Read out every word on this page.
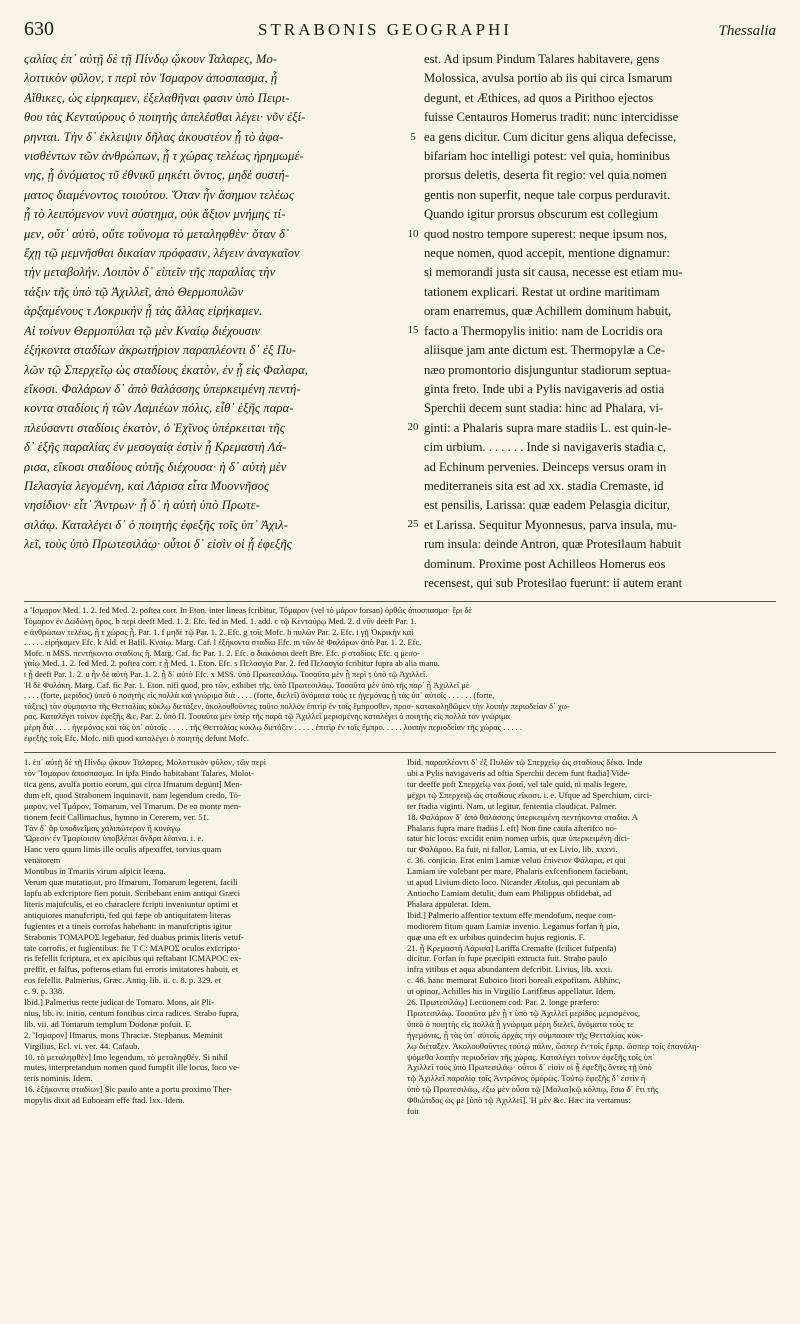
630	STRABONIS GEOGRAPHI	Thessalia
ϛαλίας ἐπ᾽ αὐτῇ δὲ τῇ Πίνδῳ ᾤκουν Ταλαρες, Μο-
λοττικὸν φῦλον, τ περὶ τὸν Ἰσμαρον ἀποσπασμα, ᾗ
Αἴθικες, ὡς εἰρηκαμεν, ἐξελαθῆναι φασιν ὑπὸ Πειρι-
θου τὰς Κενταύρους ὁ ποιητὴς ἀπελέσθαι λέγει· νῦν ἐξί-
ρηνται. Τὴν δ᾽ ἐκλειψιν δῆλας ἀκουστέον ᾗ τὸ ἀφα-
νισθέντων τῶν ἀνθρώπων, ᾗ τ χώρας τελέως ἠρημωμέ-
νης, ᾗ ὀνόματος τῦ ἐθνικῦ μηκέτι ὄντος, μηδὲ συστή-
ματος διαμένοντος τοιούτου. Ὅταν ἦν ἄσημον τελέως
ᾗ τὸ λειπόμενον νυνὶ σύστημα, οὐκ ἄξιον μνήμης τί-
μεν, οὔτ᾽ αὐτὸ, οὔτε τοὔνομα τὸ μεταληφθὲν· ὅταν δ᾽
ἔχῃ τῷ μεμνῆσθαι δικαίαν πρόφασιν, λέγειν ἀναγκαῖον
τὴν μεταβολήν. Λοιπὸν δ᾽ εἰπεῖν τῆς παραλίας τὴν
τάξιν τῆς ὑπὸ τῷ Ἀχιλλεῖ, ἀπὸ Θερμοπυλῶν
ἀρξαμένους τ Λοκρικὴν ᾗ τὰς ἄλλας εἰρήκαμεν.
Αἱ τοίνυν Θερμοπύλαι τῷ μὲν Κναίῳ διέχουσιν
ἑξήκοντα σταδίων ἀκρωτήριον παραπλέοντι δ᾽ ἐξ Πυ-
λῶν τῷ Σπερχεῖῳ ὡς σταδίους ἑκατὸν, ἐν ᾗ εἰς Φαλαρα,
εἴκοσι. Φαλάρων δ᾽ ἀπὸ θαλάσσης ὑπερκειμένη πεντή-
κοντα σταδίοις ἡ τῶν Λαμιέων πόλις, εἶθ᾽ ἑξῆς παρα-
πλεύσαντι σταδίοις ἑκατὸν, ὁ Ἐχῖνος ὑπέρκειται τῆς
δ᾽ ἑξῆς παραλίας ἐν μεσογαίᾳ ἐστὶν ᾗ Κρεμαστὴ Λά-
ρισα, εἴκοσι σταδίους αὐτῆς διέχουσα· ἡ δ᾽ αὐτὴ μὲν
Πελασγία λεγομένη, καὶ Λάρισα εἶτα Μυοννῆσος
νησίδιον· εἶτ᾽ Ἄντρων· ᾗ δ᾽ ἡ αὐτὴ ὑπὸ Πρωτε-
σιλάῳ. Καταλέγει δ᾽ ὁ ποιητὴς ἐφεξῆς τοῖς ὑπ᾽ Ἀχιλ-
λεῖ, τοὺς ὑπὸ Πρωτεσιλάῳ· οὗτοι δ᾽ εἰσὶν οἱ ᾗ ἐφεξῆς
5
10
15
20
25
est. Ad ipsum Pindum Talares habitavere, gens
Molossica, avulsa portio ab iis qui circa Ismarum
degunt, et Æthices, ad quos a Pirithoo ejectos
fuisse Centauros Homerus tradit: nunc intercidisse
ea gens dicitur. Cum dicitur gens aliqua defecisse,
bifariam hoc intelligi potest: vel quia, hominibus
prorsus deletis, deserta fit regio: vel quia nomen
gentis non superfit, neque tale corpus perduravit.
Quando igitur prorsus obscurum est collegium
quod nostro tempore superest: neque ipsum nos,
neque nomen, quod accepit, mentione dignamur:
si memorandi justa sit causa, necesse est etiam mu-
tationem explicari. Restat ut ordine maritimam
oram enarremus, quæ Achillem dominum habuit,
facto a Thermopylis initio: nam de Locridis ora
aliisque jam ante dictum est. Thermopylæ a Ce-
næo promontorio disjunguntur stadiorum septua-
ginta freto. Inde ubi a Pylis navigaveris ad ostia
Sperchii decem sunt stadia: hinc ad Phalara, vi-
ginti: a Phalaris supra mare stadiis L. est quin-le-
cim urbium. . . . . . . Inde si navigaveris stadia c,
ad Echinum pervenies. Deinceps versus oram in
mediterraneis sita est ad xx. stadia Cremaste, id
est pensilis, Larissa: quæ eadem Pelasgia dicitur,
et Larissa. Sequitur Myonnesus, parva insula, mu-
rum insula: deinde Antron, quæ Protesilaum habuit
dominum. Proxime post Achilleos Homerus eos
recensest, qui sub Protesilao fuerunt: ii autem erant
a Ἴσμαρον Med. 1. 2. fed Med. 2. poftea corr. In Eton. inter lineas fcribitur, Τόμαρον (vel τὸ μάρον forsan) ὀρθῶς ἀποσπασμα· ἔρι δὲ
Τόμαρον ἐν Δωδώνῃ ὄρος. b περὶ deeft Med. 1. 2. Efc. fed in Med. 1. add. c τῷ Κενταύρῳ Med. 2. d νῦν deeft Par. 1.
e ἀνθρώπων τελέως, ᾗ τ χώρας ᾖ. Par. 1. f μηδὲ τῷ Par. 1. 2. Efc. g τοῖς Mofc. h πυλῶν Par. 2. Efc. i γῇ Ὀκρικὴν καὶ
. . . . . εἰρήκαμεν Efc. k Ald. et Bafil. Κναίῳ. Marg. Caf. l ἑξήκοντα σταδίω Efc. m τῶν δὲ Φαλάρων ἀπὸ Par. 1. 2. Efc.
Mofc. n MSS. πεντήκοντα σταδίοις ἢ. Marg. Caf. fic Par. 1. 2. Efc. o διακόσιοι deeft Bre. Efc. p σταδίοις Efc. q μεσο-
γαίῳ Med. 1. 2. fed Med. 2. poftea corr. r ᾗ Med. 1. Eton. Efc. s Πελασγία Par. 2. fed Πελασγία fcribitur fupra ab alia manu.
t ᾗ deeft Par. 1. 2. u ἦν δὲ αὐτὴ Par. 1. 2. ᾖ δ᾽ αὐτὸ Efc. x MSS. ὑπὸ Πρωτεσιλάῳ. Τοσαῦτα μὲν ᾗ περὶ τ ὑπὸ τῷ Ἀχιλλεῖ.
Ἡ δὲ Φυλάκη. Marg. Caf. fic Par. 1. Eton. nifi quod, pro τῶν, exhibet τῆς. ὑπὸ Πρωτεσιλάῳ. Τοσαῦτα μὲν ὑπὸ τῆς παρ᾽ ᾖ Ἀχιλλεῖ μὲ
. . . . (forte, μερίδος) ὑπεὸ ὁ ποιητὴς εἰς πολλὰ καὶ γνώριμα διὰ . . . . (forte, διελεῖ) ὀνόματα τούς τε ἡγεμόνας ᾗ τὰς ὑπ᾽ αὐτοῖς . . . . . . (forte,
τάξεις) τὰν σύμπαντα τῆς Θετταλίας κύκλῳ διετάξεν, ἀκολουθοῦντες τοῦτο πολλὸν ἐπιτὶρ ἐν τοῖς ἔμπροσθεν, προσ- κατακοληθῶμεν τὴν λοιπὴν περιοδείαν δ᾽ χω-
ρας. Καταλέγει τοίνυν ἐφεξῆς &c, Par. 2. ὑπὸ Π. Τοσαῦτα μὲν ὑπὲρ τῆς παρὰ τῷ Ἀχιλλεῖ μερισμένης καταλέγει ὁ ποιητὴς εἰς πολλὰ ταν γνώριμα
μέρη διὰ . . . . ἡγεμόνας καὶ τὰς ὑπ᾽ αὐτοῖς . . . . . τῆς Θετταλίας κύκλῳ διετάξεν . . . . . ἐπιτὶρ ἐν τοῖς ἔμπρο. . . . . λοιπὴν περιοδείαν τῆς χώρας . . . . .
ἐφεξῆς τοῖς Efc. Mofc. nifi quod καταλέγει ὁ ποιητὴς defunt Mofc.
1. ἐπ᾽ αὐτῇ δὲ τῇ Πίνδῳ ᾤκουν Ταλαρες, Μολοττικὸν φῦλον, τῶν περὶ
τὸν Ἴσμαρον ἀποσπασμα. In ipfa Pindo habitabant Talares, Molot-
tica gens, avulfa portio eorum, qui circa Ifmarum degunt] Men-
dum eft, quod Strabonem inquinavit, nam legendum credo, Τό-
μαρον, vel Τμάρον, Tomarum, vel Tmarum. De eo monte men-
tionem fecit Callimachus, hymno in Cererem, ver. 51.
Τὰν δ᾽ ἄρ ὑποδνεῖμας χαλιπώτερον ἢ κυνάγῳ
Ὤρεσιν ἐν Τμαρίοισιν ὑποβλέπει ἄνδρα λέαινα. i. e.
Hanc vero quum limis ille oculis afpexiffet, torvius quam
venatorem
Montibus in Tmariis virum afpicit leæna.
Verum quæ mutatio,ut, pro Ifmarum, Tomarum legerent, facili
lapfu ab exfcriptore fieri potuit. Scribebant enim antiqui Græci
literis majufculis, et eo characlere fcripti inveniuntur optimi et
antiquiores manufcripti, fed qui fæpe ob antiquitatem literas
fugientes et a tineis corrofas habebant: in manufcriptis igitur
Strabonis ΤΟΜΑΡΟΣ legebatur, fed duabus primis literis vetuf-
tate corrofis, et fugientibus: fic Τ C: ΜΑΡΟΣ oculos exfcripto-
ris fefellit fcriptura, et ex apicibus qui reftabant ΙCΜΑΡΟC ex-
preffit, et falfus, pofteros etiam fui erroris imitatores habuit, et
eos fefellit. Palmerius, Græc. Antiq. lib. ii. c. 8. p. 329. et
c. 9. p. 338.
Ibid.] Palmerius recte judicat de Tomaro. Mons, ait Pli-
nius, lib. iv. initio, centum fontibus circa radices. Strabo fupra,
lib. vii. ad Tomarum templum Dodonæ pofuit. F.
2. Ἴσμαρον] Ifmarus, mons Thraciæ. Stephanus. Meminit
Virgilius, Ecl. vi. ver. 44. Cafaub.
10. τὸ μεταληφθὲν] Imo legendum, τὸ μεταληφθέν. Si nihil
mutes, interpretandum nomen quod fumpfit ille locus, loco ve-
teris nominis. Idem.
16. ἑξήκοντα σταδίων] Sic paulo ante a portu proximo Ther-
mopylis dixit ad Euboeam effe ftad. lxx. Idem.
Ibid. παραπλέοντι δ᾽ ἐξ Πυλῶν τῷ Σπερχεῖῳ ὡς σταδίους δέκα. Inde
ubi a Pylis navigaveris ad oftia Sperchii decem funt ftadia] Vide-
tur deeffe poft Σπερχεῖῳ vox ῥοαῖ, vel tale quid, ni malis legere,
μέχρι τῷ Σπερχειῷ ὡς σταδίους εἴκοσι. i. e. Ufque ad Sperchium, circi-
ter ftadia viginti. Nam, ut legitur, fententia claudicat. Palmer.
18. Φαλάρων δ᾽ ἀπὸ θαλάσσης ὑπερκειμένη πεντήκοντα σταδία. A
Phalaris fupra mare ftadiis l. eft] Non fine caufa afterifco no-
tatur hic locus: excidit enim nomen urbis, quæ ὑπερκειμένη dici-
tur Φαλάρου. Ea fuit, ni fallor, Lamia, ut ex Livio, lib. xxxvi.
c. 36. conjicio. Erat enim Lamiæ veluti ἐπίνειον Φάλαρα, et qui
Lamiam ire volebant per mare, Phalaris exfcenfionem faciebant,
ut apud Livium dicto loco. Nicander Ætolus, qui pecuniam ab
Antiocho Lamiam detulit, dum eam Philippus obfidebat, ad
Phalara appulerat. Idem.
Ibid.] Palmerio affentior textum effe mendofum, neque com-
modiorem fitum quam Lamiæ invenio. Legamus forfan ἡ μία,
quæ una eft ex urbibus quindecim hujus regionis. F.
21. ᾗ Κρεμαστὴ Λάρισα] Lariffa Cremafte (fcilicet fufpenfa)
dicitur. Forfan in fupe præcipiti extructa fuit. Strabo paulo
infra vitibus et aqua abundantem defcribit. Livius, lib. xxxi.
c. 46. hanc memorat Euboico litori boreali expofitam. Abhinc,
ut opinor, Achilles his in Virgilio Lariffæus appellatur. Idem.
26. Πρωτεσιλάῳ] Lectionem cod. Par. 2. longe præfero:
Πρωτεσιλάῳ. Τοσαῦτα μὲν ᾗ τ ὑπὸ τῷ Ἀχιλλεῖ μερίδος μεμισμένος,
ὑπεὸ ὁ ποιητὴς εἰς πολλὰ ᾗ γνώριμα μέρη διελεῖ, ὀνόματα τούς τε
ἡγεμόνας, ᾗ τὰς ὑπ᾽ αὐτοῖς ἀρχὰς τὴν σύμπασαν τῆς Θετταλίας κύκ-
λῳ διέταξεν. Ἀκολουθοῦντες τούτῳ πάλιν, ὥσπερ ἐν τοῖς ἔμπρ. ὥσπερ τοῖς ἐπανάλη-
ψόμεθα λοιπὴν περιοδείαν τῆς χώρας. Καταλέγει τοίνυν ἐφεξῆς τοῖς ὑπ᾽
Ἀχιλλεῖ τοὺς ὑπὸ Πρωτεσιλάῳ· οὗτοι δ᾽ εἰσὶν οἱ ᾗ ἐφεξῆς ὄντες τῇ ὑπὸ
τῷ Ἀχιλλεῖ παραλίᾳ τοῖς Ἀντρῶνος ὁμόρως. Τούτῳ ἐφεξῆς δ᾽ ἐστὶν ἡ
ὑπὸ τῷ Πρωτεσιλάῳ, ἐξω μὲν οὖσα τῷ [Μαλια]κῷ κόλπῳ, ἔσω δ᾽ ἔτι τῆς
Φθιώτιδος ὡς μὲ [ὑπὸ τῷ Ἀχιλλεῖ]. Ἡ μὲν &c. Hæc ita vertamus:
fuit
